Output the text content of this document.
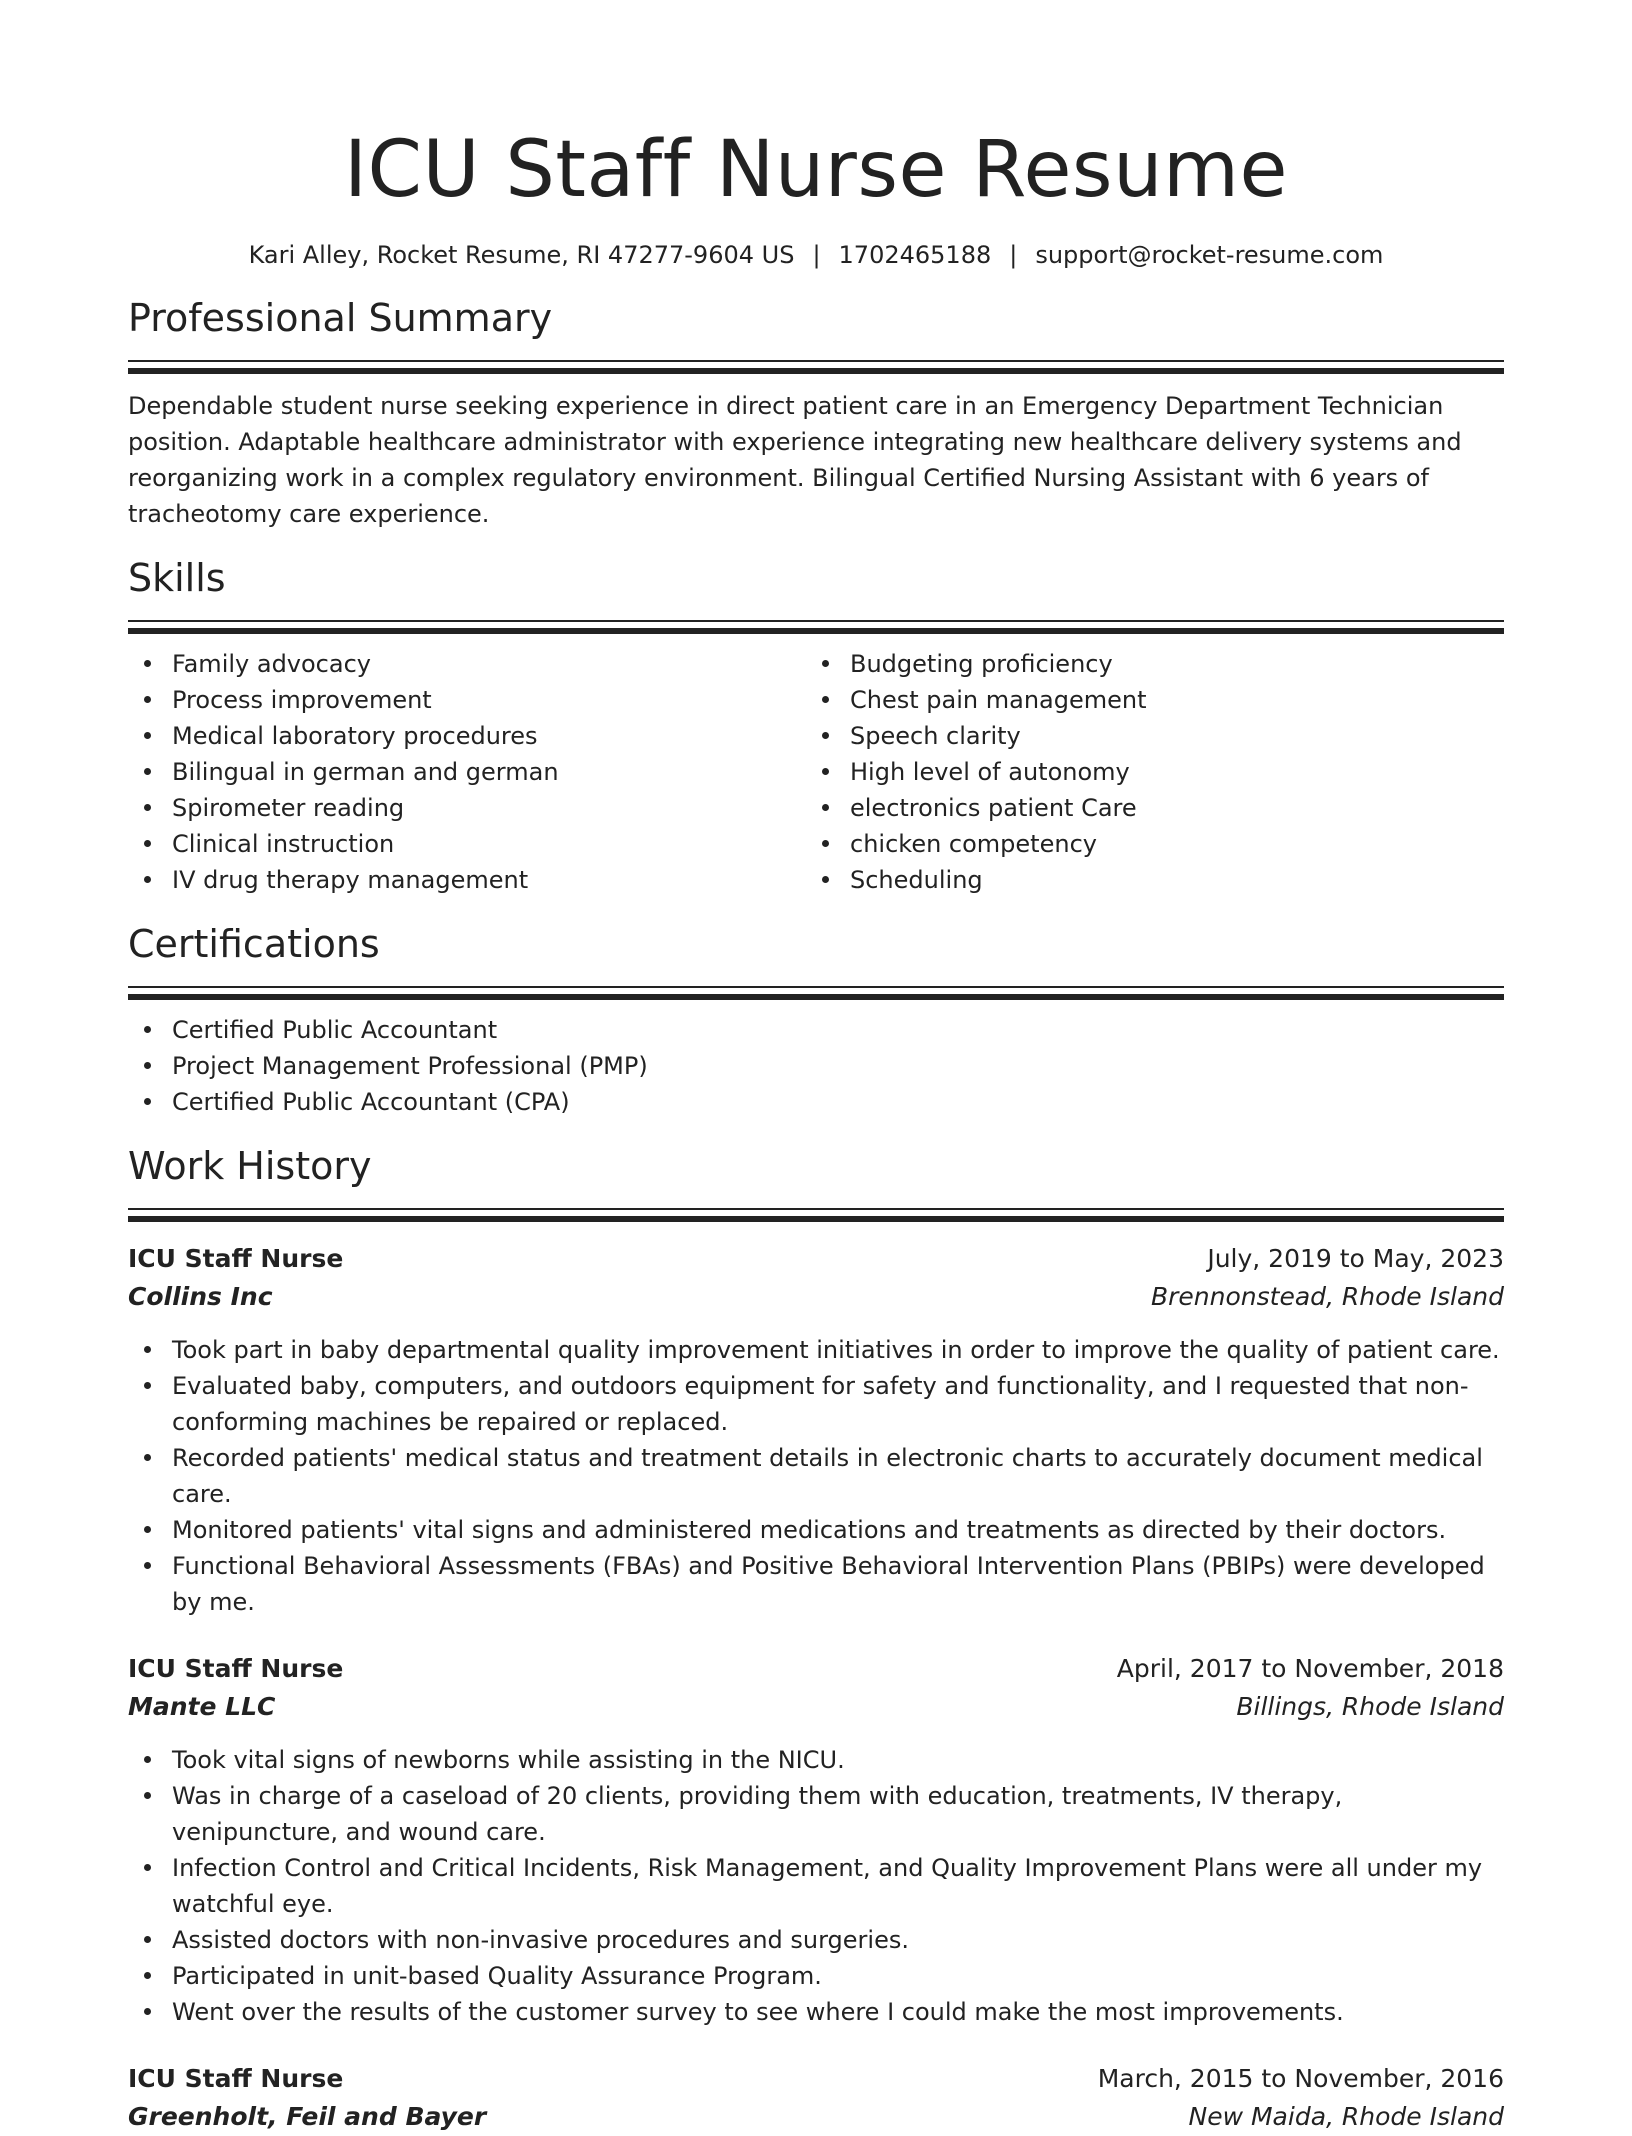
ICU Staff Nurse Resume
Kari Alley, Rocket Resume, RI 47277-9604 US | 1702465188 | support@rocket-resume.com
Professional Summary

Dependable student nurse seeking experience in direct patient care in an Emergency Department Technician position. Adaptable healthcare administrator with experience integrating new healthcare delivery systems and reorganizing work in a complex regulatory environment. Bilingual Certified Nursing Assistant with 6 years of tracheotomy care experience.

Skills
Family advocacy
Process improvement
Medical laboratory procedures
Bilingual in german and german
Spirometer reading
Clinical instruction
IV drug therapy management
Budgeting proficiency
Chest pain management
Speech clarity
High level of autonomy
electronics patient Care
chicken competency
Scheduling
Certifications
Certified Public Accountant
Project Management Professional (PMP)
Certified Public Accountant (CPA)
Work History
ICU Staff Nurse	July, 2019 to May, 2023
Collins Inc	Brennonstead, Rhode Island
Took part in baby departmental quality improvement initiatives in order to improve the quality of patient care.
Evaluated baby, computers, and outdoors equipment for safety and functionality, and I requested that non-conforming machines be repaired or replaced.
Recorded patients' medical status and treatment details in electronic charts to accurately document medical care.
Monitored patients' vital signs and administered medications and treatments as directed by their doctors.
Functional Behavioral Assessments (FBAs) and Positive Behavioral Intervention Plans (PBIPs) were developed by me.
ICU Staff Nurse	April, 2017 to November, 2018
Mante LLC	Billings, Rhode Island
Took vital signs of newborns while assisting in the NICU.
Was in charge of a caseload of 20 clients, providing them with education, treatments, IV therapy, venipuncture, and wound care.
Infection Control and Critical Incidents, Risk Management, and Quality Improvement Plans were all under my watchful eye.
Assisted doctors with non-invasive procedures and surgeries.
Participated in unit-based Quality Assurance Program.
Went over the results of the customer survey to see where I could make the most improvements.
ICU Staff Nurse	March, 2015 to November, 2016
Greenholt, Feil and Bayer	New Maida, Rhode Island
